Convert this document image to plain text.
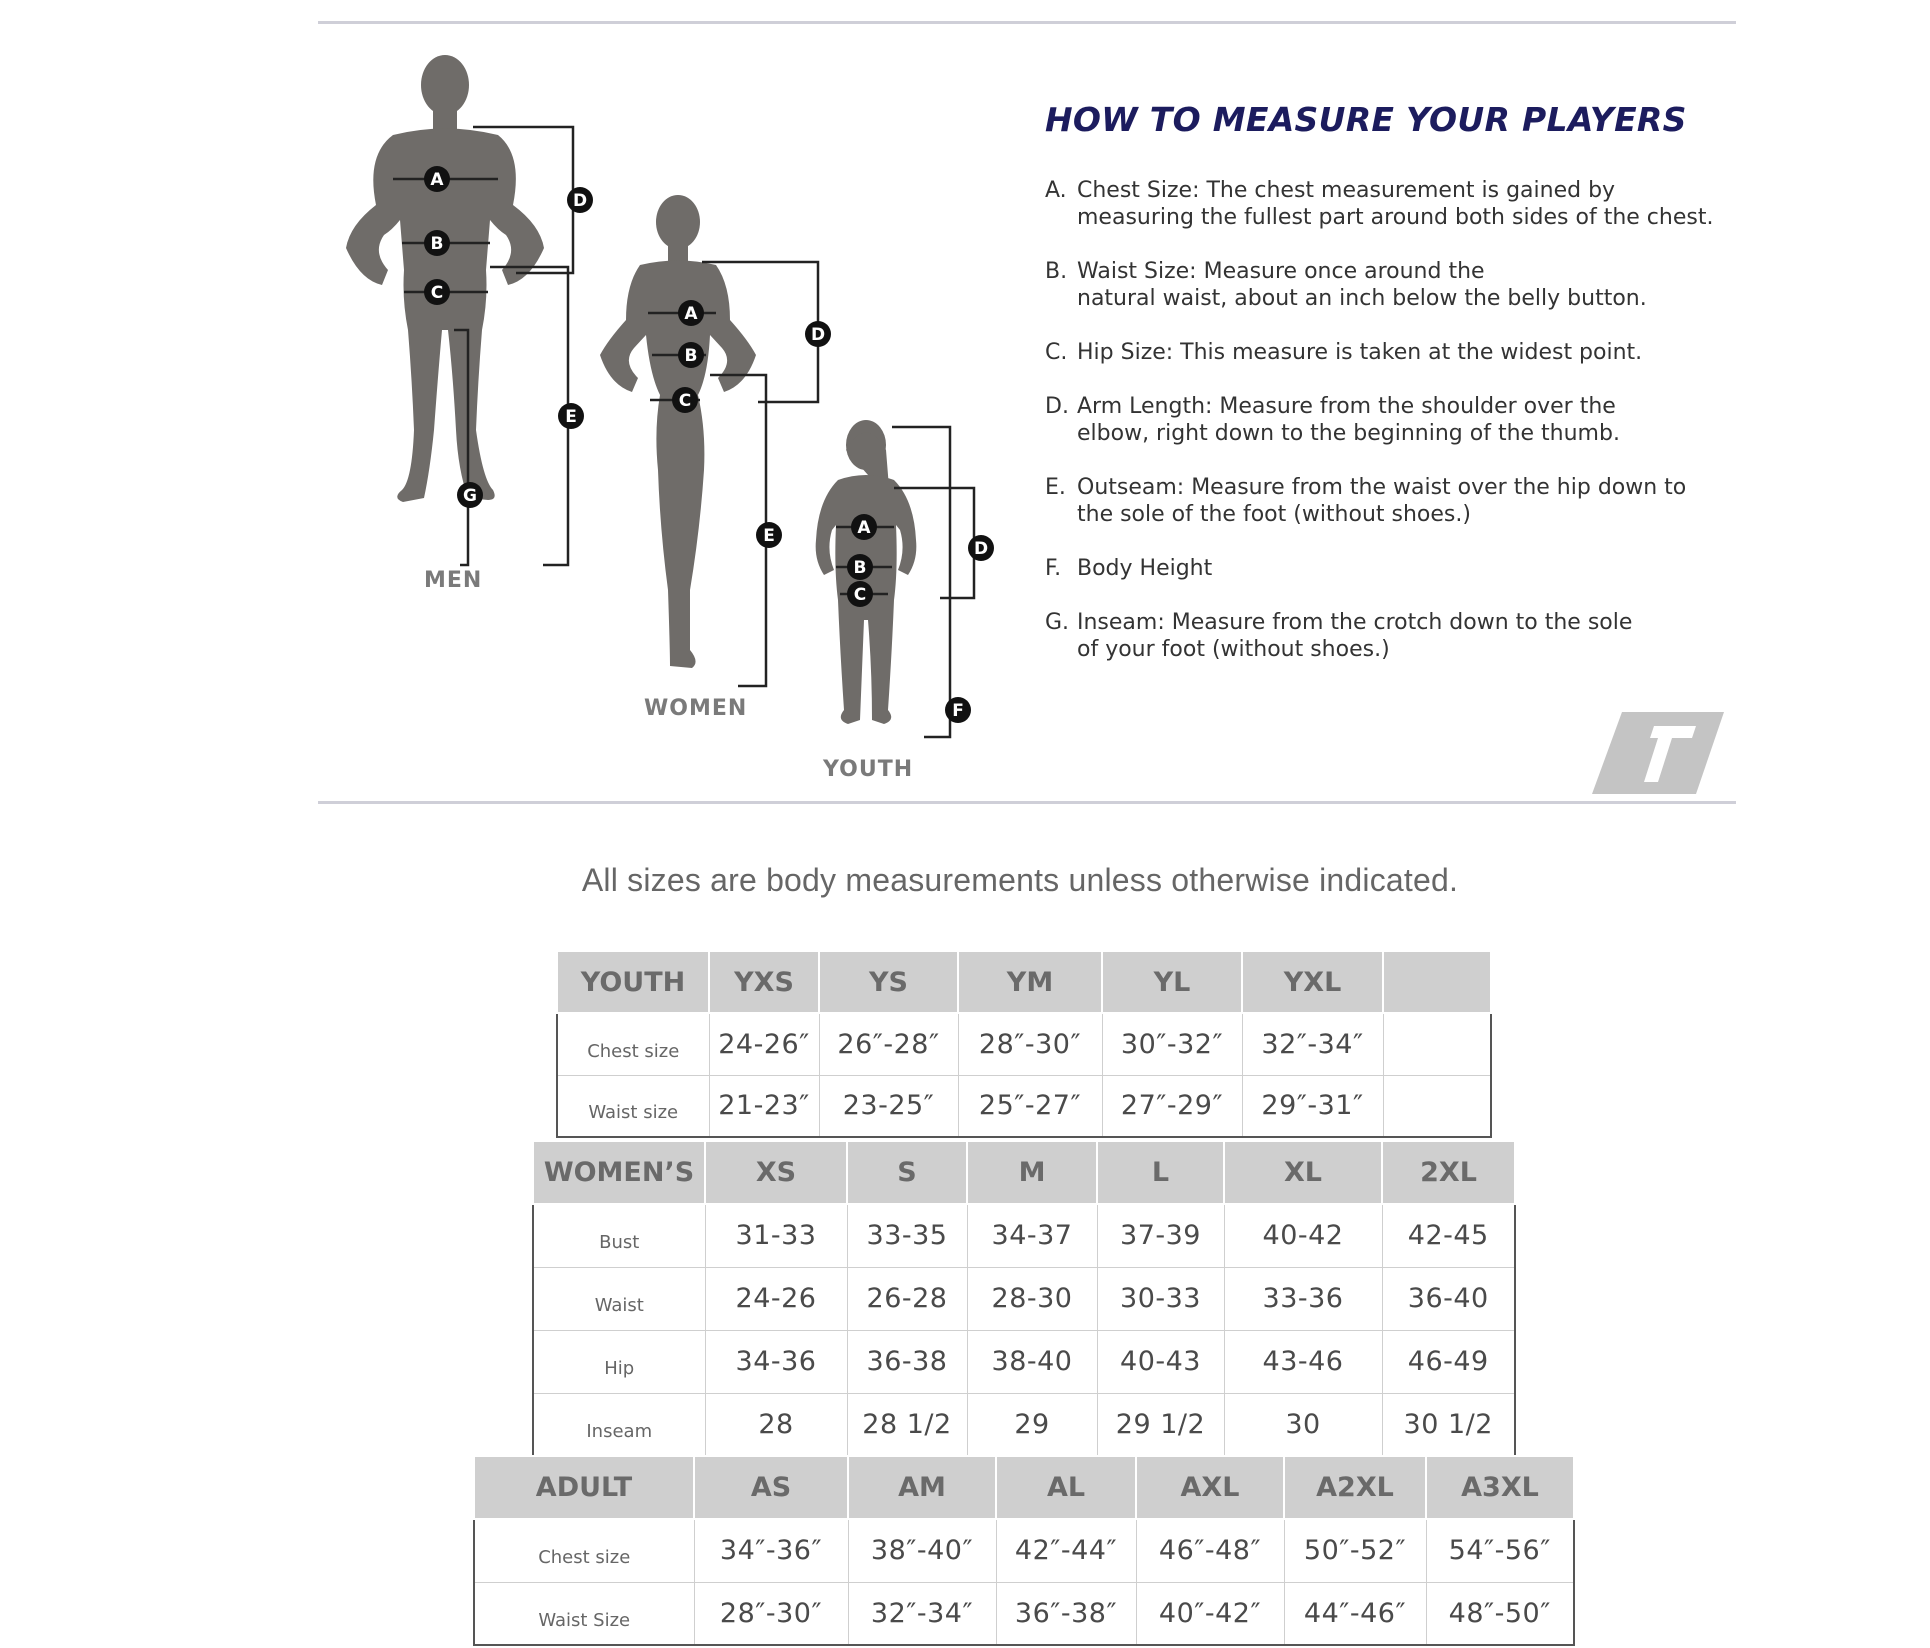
A
B
C
D
E
G
A
B
C
D
E	A
B
C
D
F
MEN
WOMEN
YOUTH
HOW TO MEASURE YOUR PLAYERS
A. Chest Size: The chest measurement is gained by
measuring the fullest part around both sides of the chest.
B. Waist Size: Measure once around the
natural waist, about an inch below the belly button.
C. Hip Size: This measure is taken at the widest point.
D. Arm Length: Measure from the shoulder over the
elbow, right down to the beginning of the thumb.
E. Outseam: Measure from the waist over the hip down to
the sole of the foot (without shoes.)
F. Body Height
G. Inseam: Measure from the crotch down to the sole
of your foot (without shoes.)
All sizes are body measurements unless otherwise indicated.
YOUTH	YXS	YS	YM	YL	YXL	
Chest size	24-26″	26″-28″	28″-30″	30″-32″	32″-34″	
Waist size	21-23″	23-25″	25″-27″	27″-29″	29″-31″	
WOMEN’S	XS	S	M	L	XL	2XL
Bust	31-33	33-35	34-37	37-39	40-42	42-45
Waist	24-26	26-28	28-30	30-33	33-36	36-40
Hip	34-36	36-38	38-40	40-43	43-46	46-49
Inseam	28	28 1/2	29	29 1/2	30	30 1/2
ADULT	AS	AM	AL	AXL	A2XL	A3XL
Chest size	34″-36″	38″-40″	42″-44″	46″-48″	50″-52″	54″-56″
Waist Size	28″-30″	32″-34″	36″-38″	40″-42″	44″-46″	48″-50″
